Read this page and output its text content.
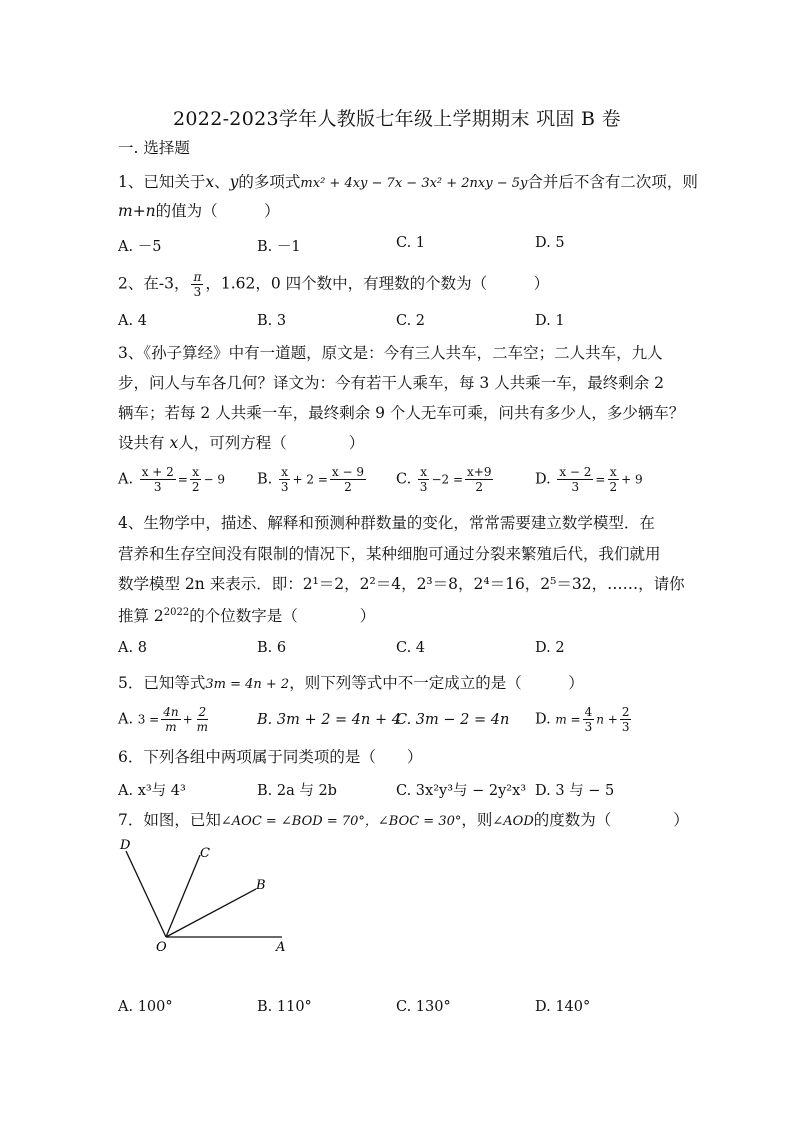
2022-2023学年人教版七年级上学期期末 巩固 B 卷
一. 选择题
1、已知关于x、y的多项式mx² + 4xy − 7x − 3x² + 2nxy − 5y合并后不含有二次项，则
m+n的值为（　　　）
A. －5	B. －1	C. 1	D. 5
2、在-3， $\frac{\pi}{3}$ ，1.62，0 四个数中，有理数的个数为（　　　）
A. 4	B. 3	C. 2	D. 1
3、《孙子算经》中有一道题，原文是：今有三人共车，二车空；二人共车，九人
步，问人与车各几何？译文为：今有若干人乘车，每 3 人共乘一车，最终剩余 2
辆车；若每 2 人共乘一车，最终剩余 9 个人无车可乘，问共有多少人，多少辆车？
设共有 x人，可列方程（　　　　）
A. $\frac{x + 2}{3} = \frac{x}{2} - 9$ B. $\frac{x}{3} + 2 = \frac{x - 9}{2} C$. $\frac{x}{3} -2 = \frac{x+9}{2}$	D. $\frac{x - 2}{3} = \frac{x}{2} + 9$
4、生物学中，描述、解释和预测种群数量的变化，常常需要建立数学模型．在
营养和生存空间没有限制的情况下，某种细胞可通过分裂来繁殖后代，我们就用
数学模型 2n 来表示．即：2¹＝2，2²＝4，2³＝8，2⁴＝16，2⁵＝32，……，请你
推算 $2^{2022}$的个位数字是（　　　　）
A. 8	B. 6	C. 4	D. 2
5．已知等式3m = 4n + 2，则下列等式中不一定成立的是（　　　）
A. $3 = \frac{4n}{m} + \frac{2}{m}$	B. 3m + 2 = 4n + 4
C. 3m − 2 = 4n D. $m = \frac{4}{3}$ $n + \frac{2}{3}$
6．下列各组中两项属于同类项的是（　　）
A. x³与 4³	B. 2a 与 2b	C. 3x²y³与 − 2y²x³ D. 3 与 − 5
7．如图，已知∠AOC = ∠BOD = 70°，∠BOC = 30°，则∠AOD的度数为（　　　　）
D
C
B
O	A
A. 100°	B. 110°	C. 130°	D. 140°
